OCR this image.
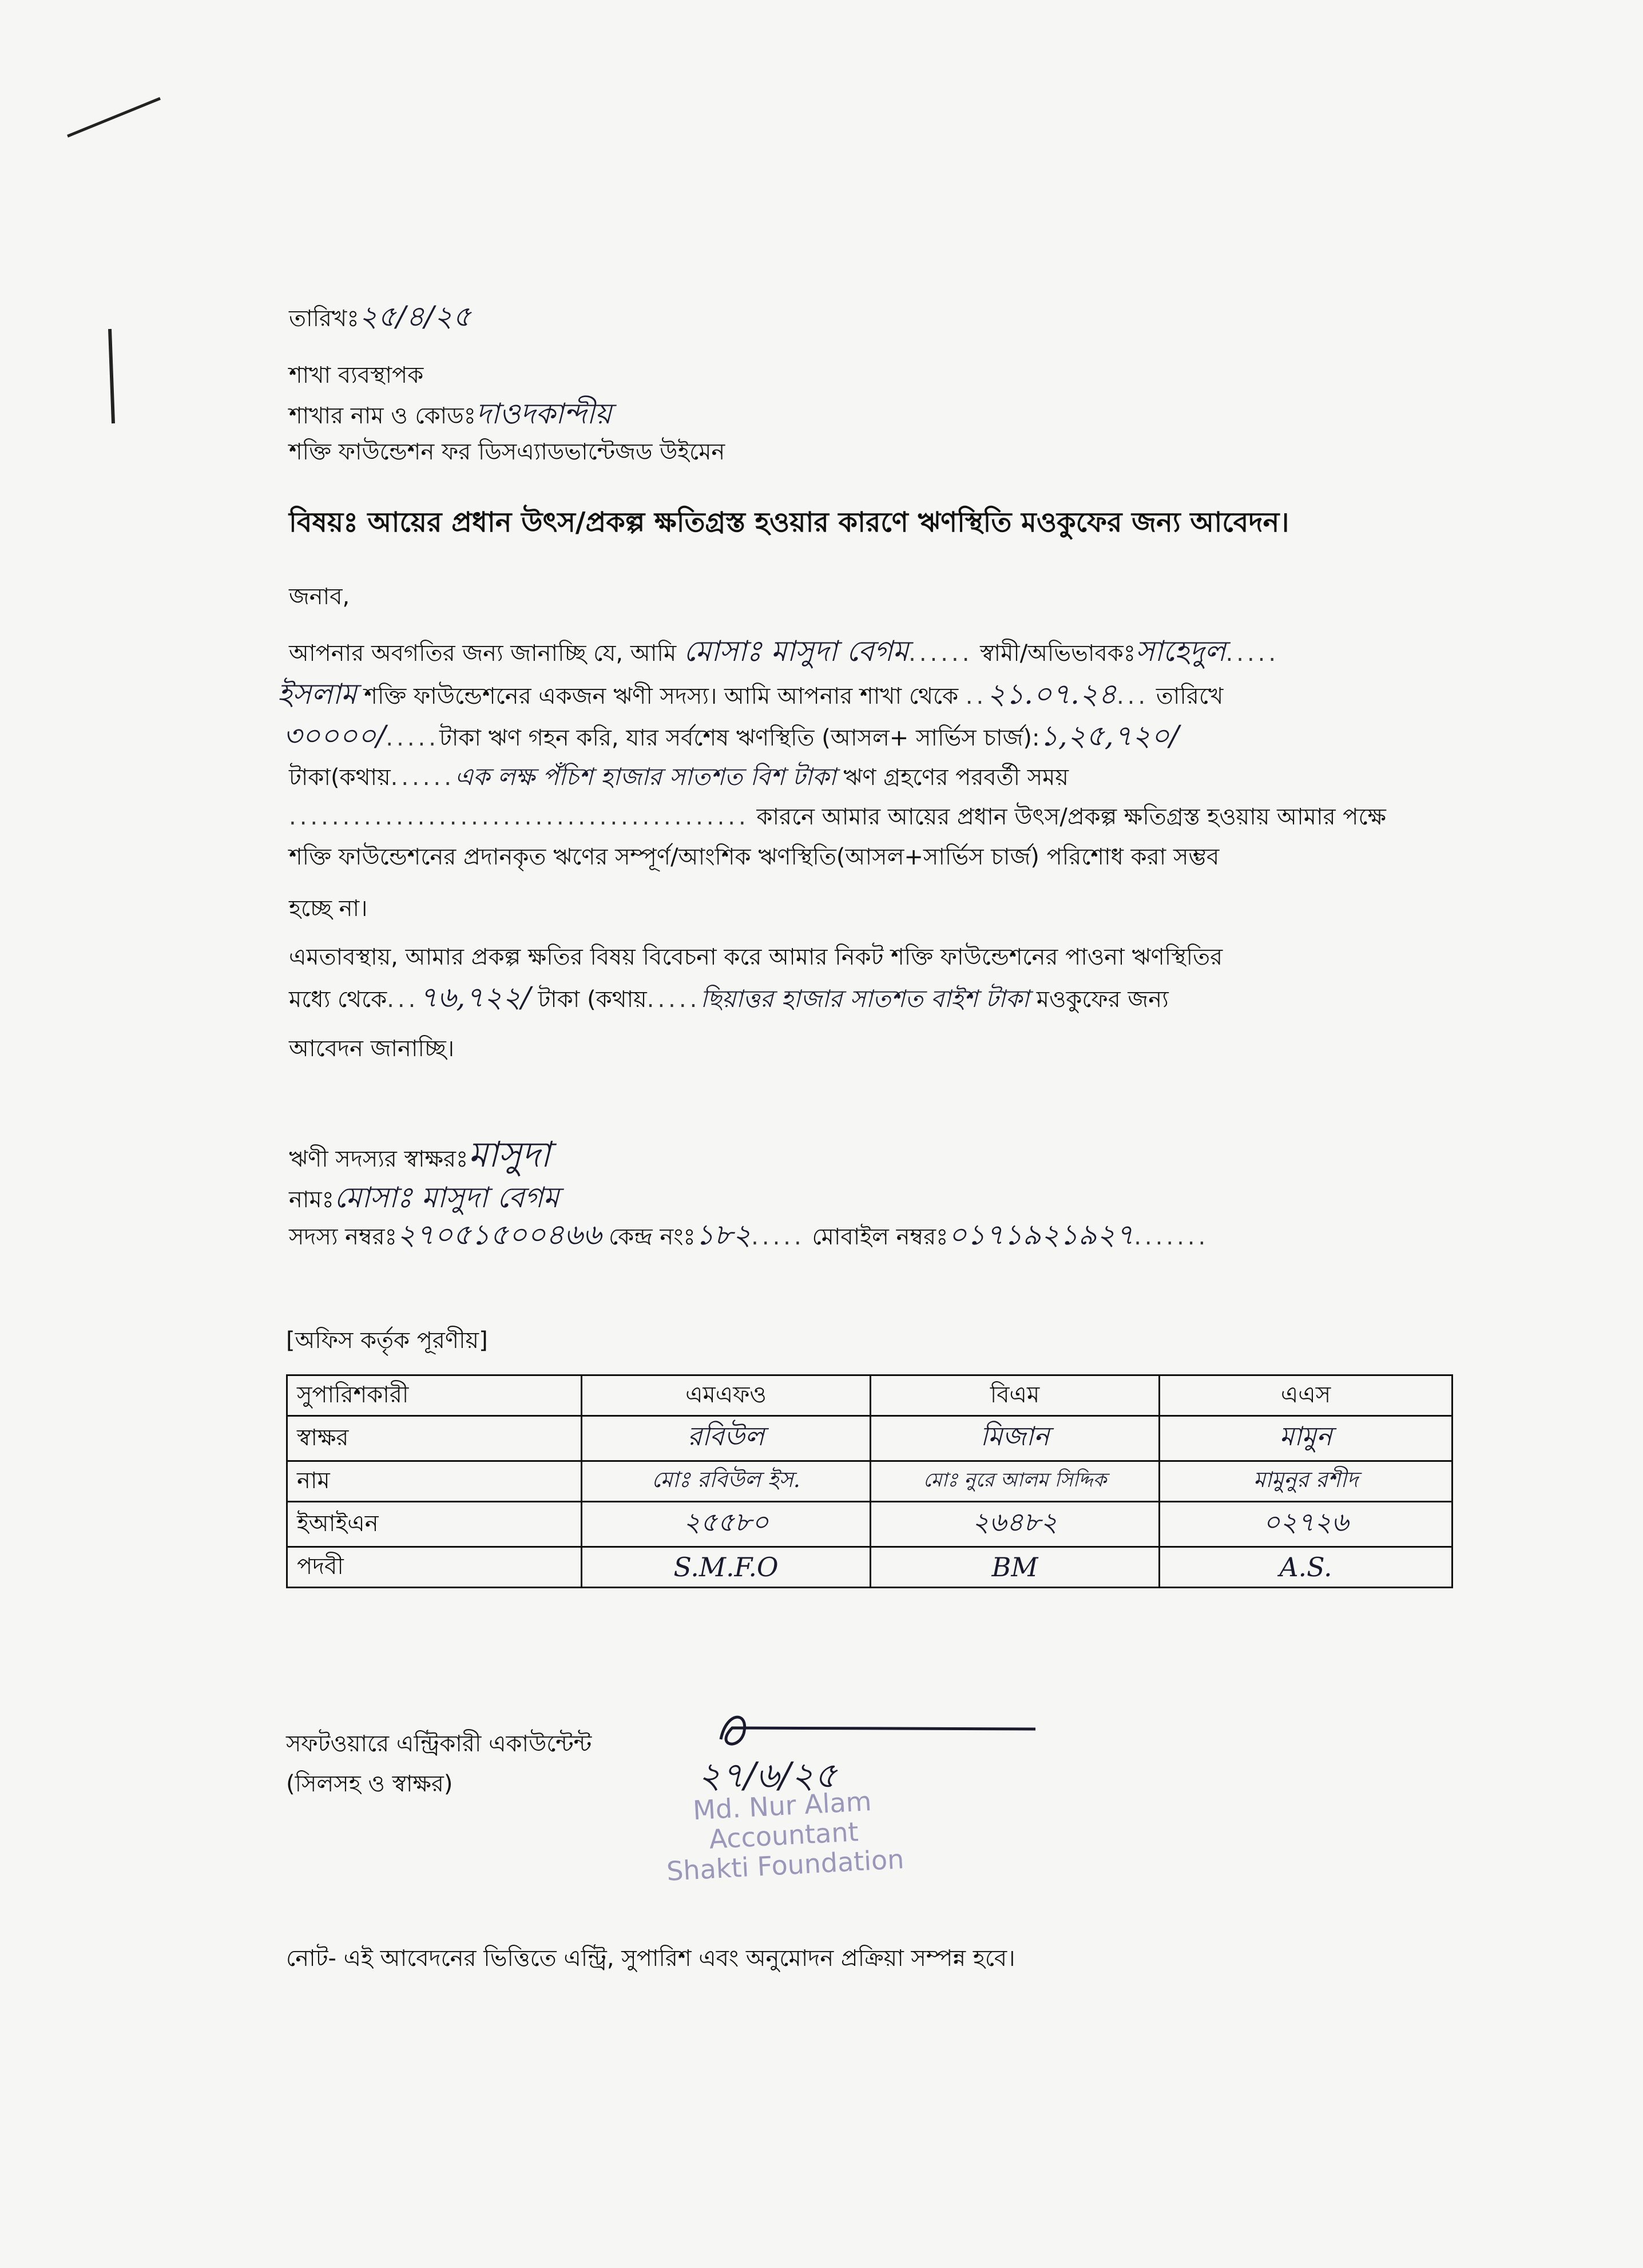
তারিখঃ২৫/৪/২৫
শাখা ব্যবস্থাপক
শাখার নাম ও কোডঃদাওদকান্দীয়
শক্তি ফাউন্ডেশন ফর ডিসএ্যাডভান্টেজড উইমেন
বিষয়ঃ আয়ের প্রধান উৎস/প্রকল্প ক্ষতিগ্রস্ত হওয়ার কারণে ঋণস্থিতি মওকুফের জন্য আবেদন।
জনাব,
আপনার অবগতির জন্য জানাচ্ছি যে, আমি মোসাঃ মাসুদা বেগম...... স্বামী/অভিভাবকঃসাহেদুল.....
ইসলাম শক্তি ফাউন্ডেশনের একজন ঋণী সদস্য। আমি আপনার শাখা থেকে ..২১.০৭.২৪... তারিখে
৩০০০০/.....টাকা ঋণ গহন করি, যার সর্বশেষ ঋণস্থিতি (আসল+ সার্ভিস চার্জ):১,২৫,৭২০/
টাকা(কথায়......এক লক্ষ পঁচিশ হাজার সাতশত বিশ টাকা ঋণ গ্রহণের পরবর্তী সময়
........................................... কারনে আমার আয়ের প্রধান উৎস/প্রকল্প ক্ষতিগ্রস্ত হওয়ায় আমার পক্ষে
শক্তি ফাউন্ডেশনের প্রদানকৃত ঋণের সম্পূর্ণ/আংশিক ঋণস্থিতি(আসল+সার্ভিস চার্জ) পরিশোধ করা সম্ভব
হচ্ছে না।
এমতাবস্থায়, আমার প্রকল্প ক্ষতির বিষয় বিবেচনা করে আমার নিকট শক্তি ফাউন্ডেশনের পাওনা ঋণস্থিতির
মধ্যে থেকে...৭৬,৭২২/ টাকা (কথায়.....ছিয়াত্তর হাজার সাতশত বাইশ টাকা মওকুফের জন্য
আবেদন জানাচ্ছি।
ঋণী সদস্যর স্বাক্ষরঃমাসুদা
নামঃমোসাঃ মাসুদা বেগম
সদস্য নম্বরঃ২৭০৫১৫০০৪৬৬ কেন্দ্র নংঃ১৮২..... মোবাইল নম্বরঃ০১৭১৯২১৯২৭.......
[অফিস কর্তৃক পূরণীয়]
সুপারিশকারী	এমএফও	বিএম	এএস
স্বাক্ষর	রবিউল	মিজান	মামুন
নাম	মোঃ রবিউল ইস.	মোঃ নুরে আলম সিদ্দিক	মামুনুর রশীদ
ইআইএন	২৫৫৮০	২৬৪৮২	০২৭২৬
পদবী	S.M.F.O	BM	A.S.
সফটওয়ারে এন্ট্রিকারী একাউন্টেন্ট
(সিলসহ ও স্বাক্ষর)	২৭/৬/২৫
Md. Nur Alam
Accountant
Shakti Foundation
নোট- এই আবেদনের ভিত্তিতে এন্ট্রি, সুপারিশ এবং অনুমোদন প্রক্রিয়া সম্পন্ন হবে।
